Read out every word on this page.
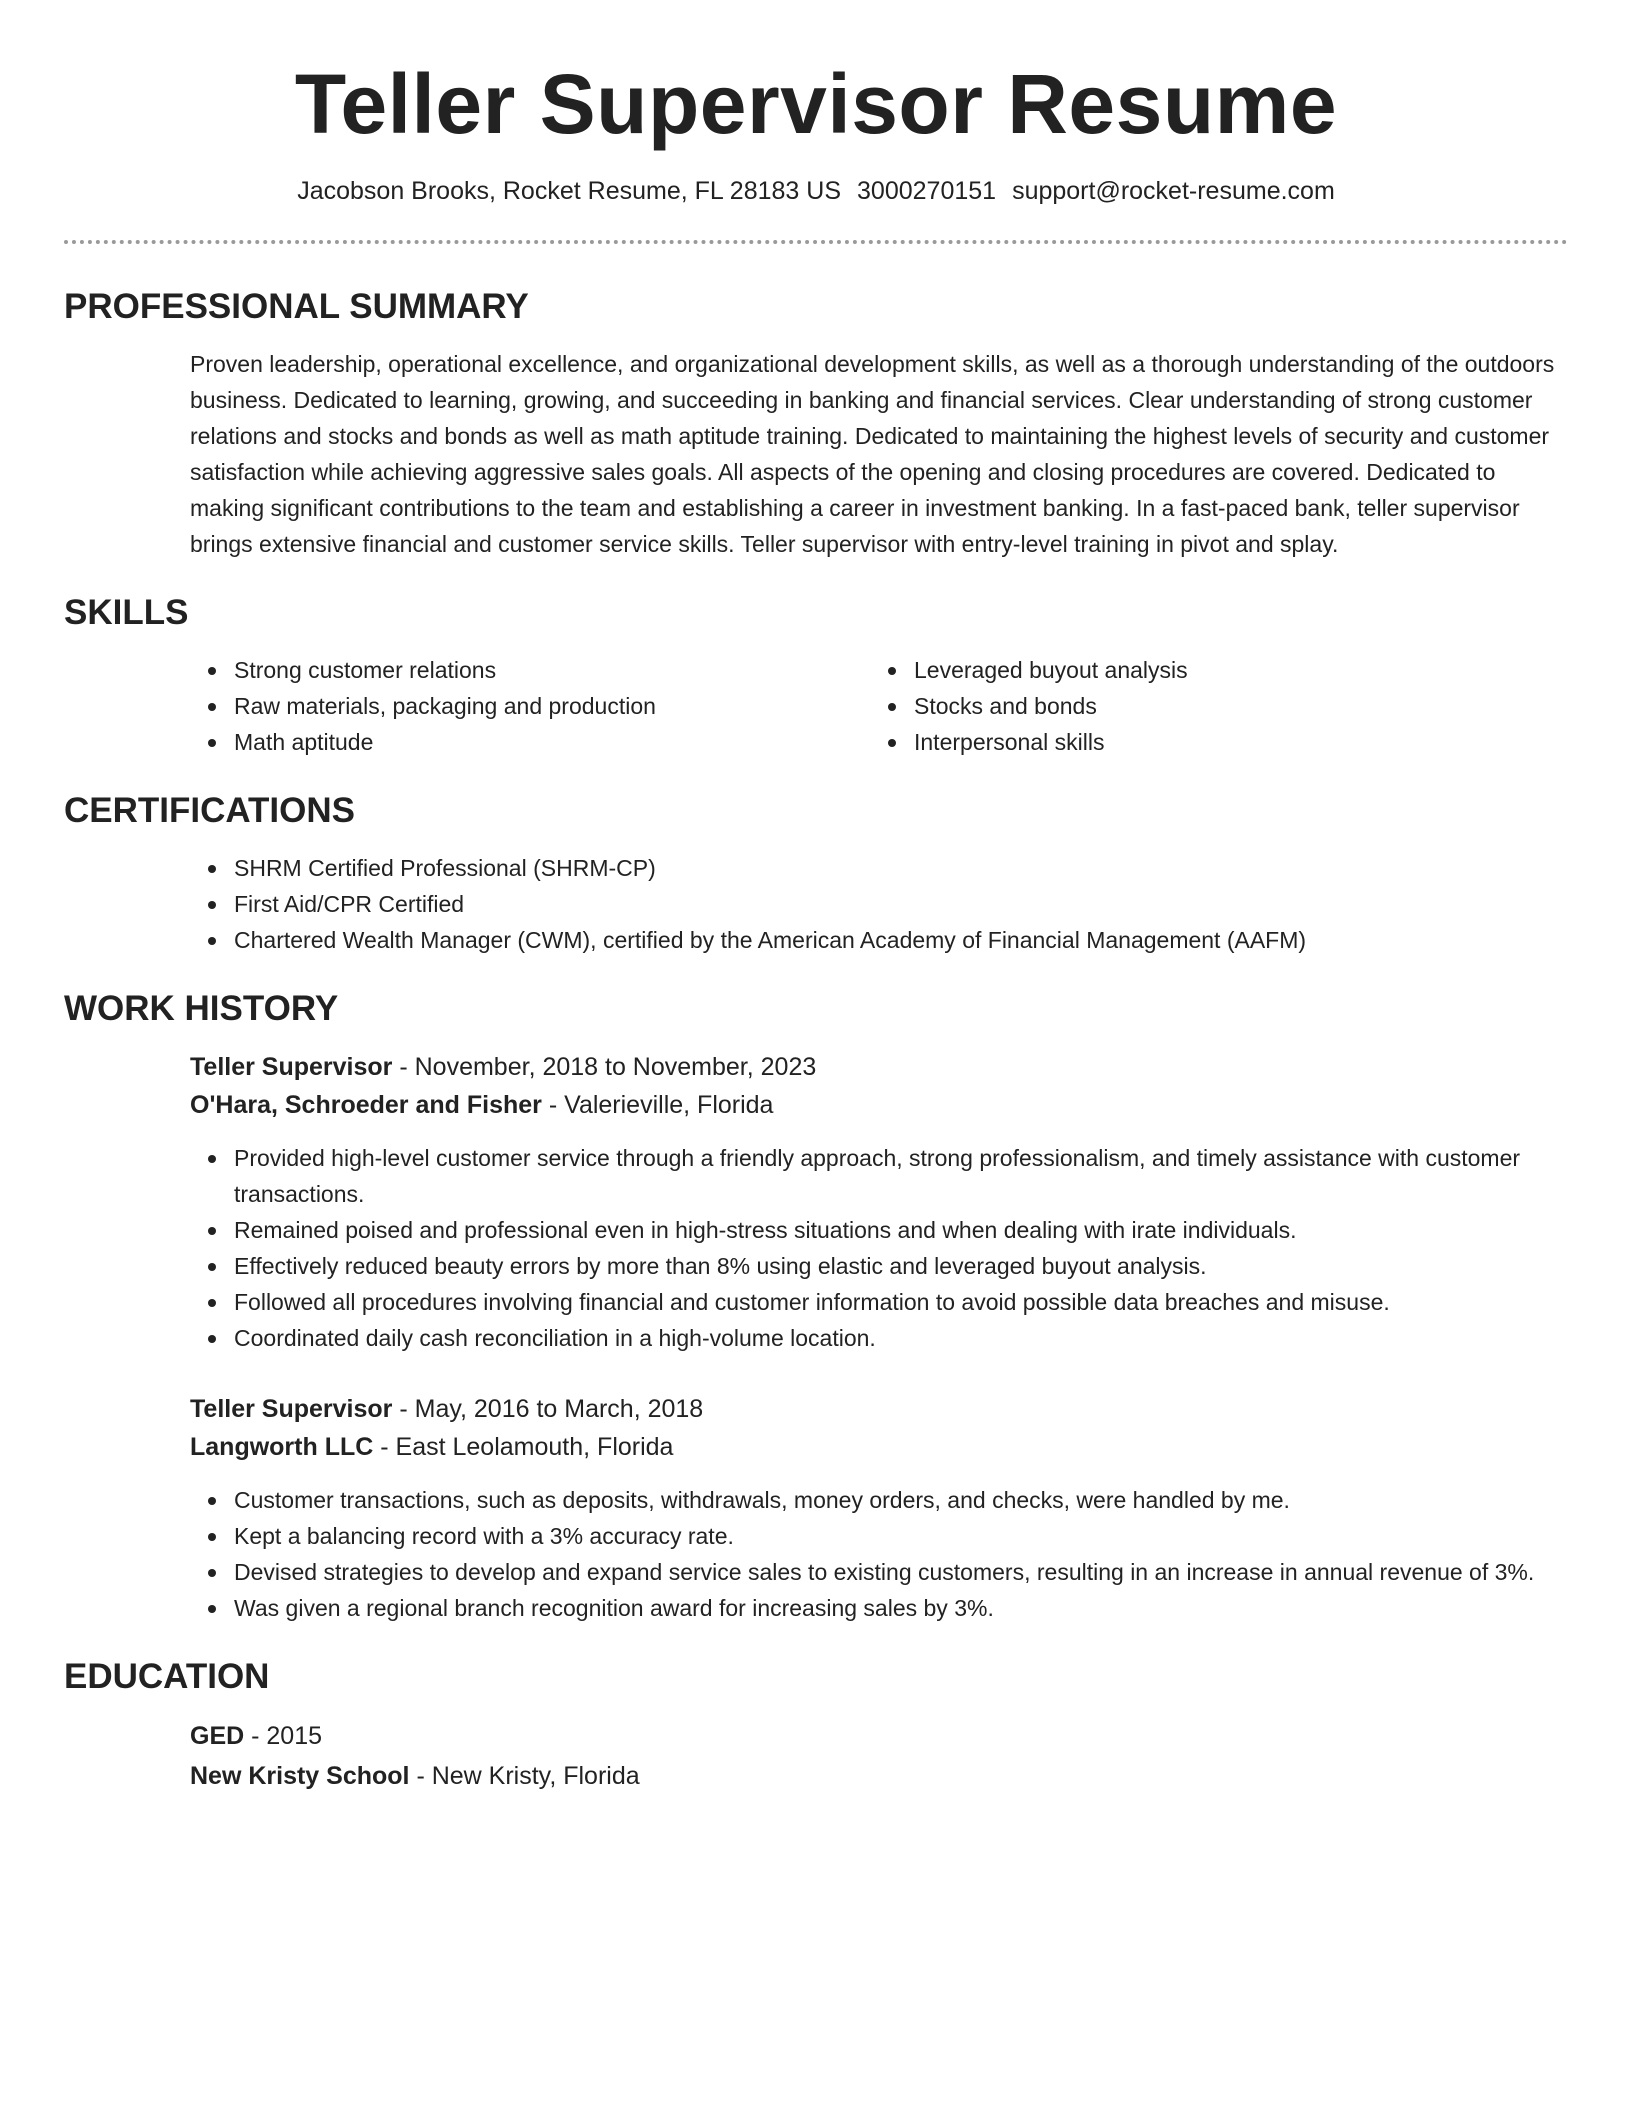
Teller Supervisor Resume
Jacobson Brooks, Rocket Resume, FL 28183 US 3000270151 support@rocket-resume.com
PROFESSIONAL SUMMARY
Proven leadership, operational excellence, and organizational development skills, as well as a thorough understanding of the outdoors business. Dedicated to learning, growing, and succeeding in banking and financial services. Clear understanding of strong customer relations and stocks and bonds as well as math aptitude training. Dedicated to maintaining the highest levels of security and customer satisfaction while achieving aggressive sales goals. All aspects of the opening and closing procedures are covered. Dedicated to making significant contributions to the team and establishing a career in investment banking. In a fast-paced bank, teller supervisor brings extensive financial and customer service skills. Teller supervisor with entry-level training in pivot and splay.
SKILLS
Strong customer relations
Raw materials, packaging and production
Math aptitude
Leveraged buyout analysis
Stocks and bonds
Interpersonal skills
CERTIFICATIONS
SHRM Certified Professional (SHRM-CP)
First Aid/CPR Certified
Chartered Wealth Manager (CWM), certified by the American Academy of Financial Management (AAFM)
WORK HISTORY
Teller Supervisor - November, 2018 to November, 2023
O'Hara, Schroeder and Fisher - Valerieville, Florida
Provided high-level customer service through a friendly approach, strong professionalism, and timely assistance with customer transactions.
Remained poised and professional even in high-stress situations and when dealing with irate individuals.
Effectively reduced beauty errors by more than 8% using elastic and leveraged buyout analysis.
Followed all procedures involving financial and customer information to avoid possible data breaches and misuse.
Coordinated daily cash reconciliation in a high-volume location.
Teller Supervisor - May, 2016 to March, 2018
Langworth LLC - East Leolamouth, Florida
Customer transactions, such as deposits, withdrawals, money orders, and checks, were handled by me.
Kept a balancing record with a 3% accuracy rate.
Devised strategies to develop and expand service sales to existing customers, resulting in an increase in annual revenue of 3%.
Was given a regional branch recognition award for increasing sales by 3%.
EDUCATION
GED - 2015
New Kristy School - New Kristy, Florida
